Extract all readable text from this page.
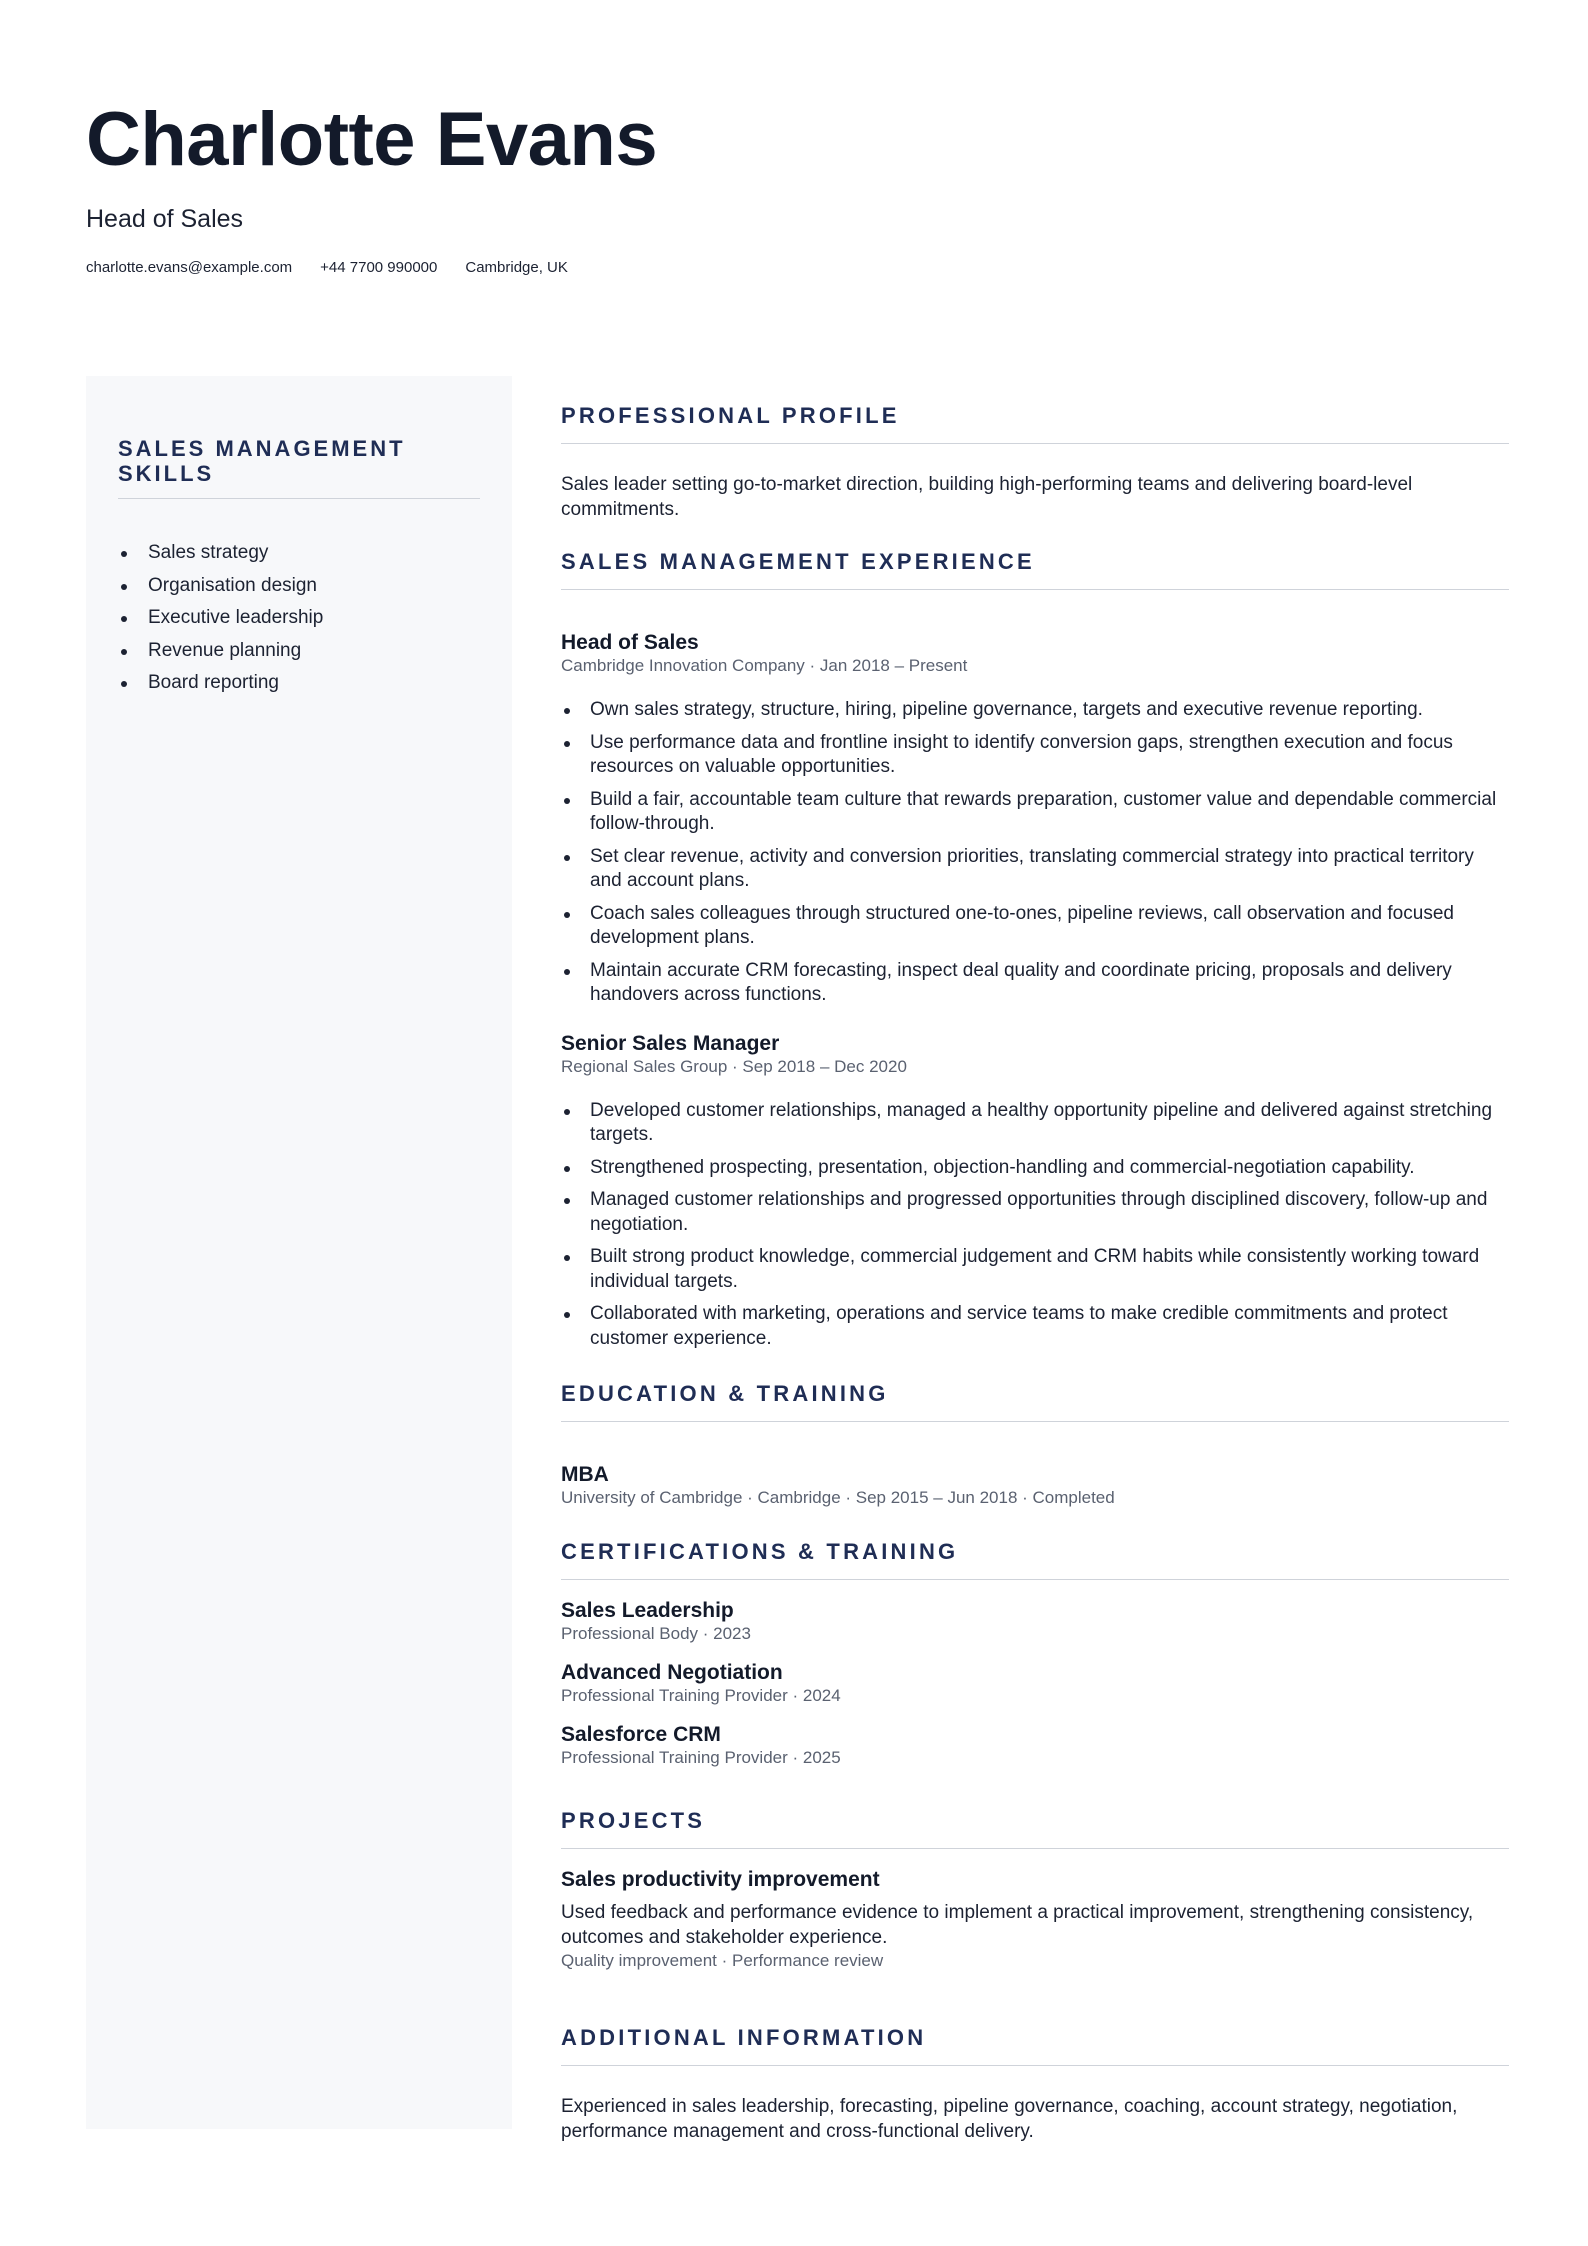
Charlotte Evans
Head of Sales
charlotte.evans@example.com +44 7700 990000 Cambridge, UK
SALES MANAGEMENT SKILLS
Sales strategy
Organisation design
Executive leadership
Revenue planning
Board reporting
PROFESSIONAL PROFILE

Sales leader setting go-to-market direction, building high-performing teams and delivering board-level commitments.

SALES MANAGEMENT EXPERIENCE
Head of Sales
Cambridge Innovation Company · Jan 2018 – Present
Own sales strategy, structure, hiring, pipeline governance, targets and executive revenue reporting.
Use performance data and frontline insight to identify conversion gaps, strengthen execution and focus resources on valuable opportunities.
Build a fair, accountable team culture that rewards preparation, customer value and dependable commercial follow-through.
Set clear revenue, activity and conversion priorities, translating commercial strategy into practical territory and account plans.
Coach sales colleagues through structured one-to-ones, pipeline reviews, call observation and focused development plans.
Maintain accurate CRM forecasting, inspect deal quality and coordinate pricing, proposals and delivery handovers across functions.
Senior Sales Manager
Regional Sales Group · Sep 2018 – Dec 2020
Developed customer relationships, managed a healthy opportunity pipeline and delivered against stretching targets.
Strengthened prospecting, presentation, objection-handling and commercial-negotiation capability.
Managed customer relationships and progressed opportunities through disciplined discovery, follow-up and negotiation.
Built strong product knowledge, commercial judgement and CRM habits while consistently working toward individual targets.
Collaborated with marketing, operations and service teams to make credible commitments and protect customer experience.
EDUCATION & TRAINING
MBA
University of Cambridge · Cambridge · Sep 2015 – Jun 2018 · Completed
CERTIFICATIONS & TRAINING
Sales Leadership
Professional Body · 2023
Advanced Negotiation
Professional Training Provider · 2024
Salesforce CRM
Professional Training Provider · 2025
PROJECTS
Sales productivity improvement

Used feedback and performance evidence to implement a practical improvement, strengthening consistency, outcomes and stakeholder experience.

Quality improvement · Performance review
ADDITIONAL INFORMATION

Experienced in sales leadership, forecasting, pipeline governance, coaching, account strategy, negotiation, performance management and cross-functional delivery.
